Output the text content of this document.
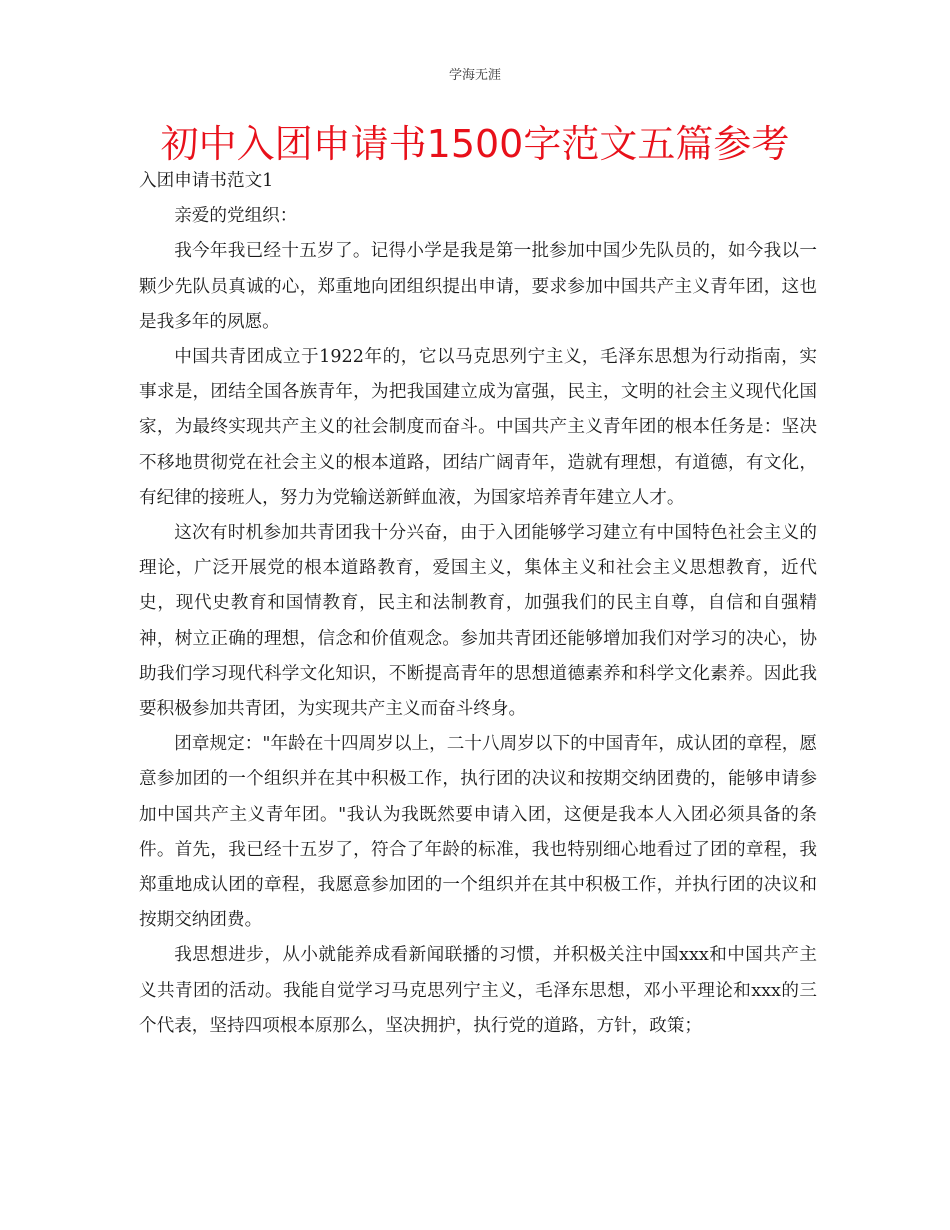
学海无涯
初中入团申请书1500字范文五篇参考

入团申请书范文1

亲爱的党组织：

我今年我已经十五岁了。记得小学是我是第一批参加中国少先队员的，如今我以一颗少先队员真诚的心，郑重地向团组织提出申请，要求参加中国共产主义青年团，这也是我多年的夙愿。

中国共青团成立于1922年的，它以马克思列宁主义，毛泽东思想为行动指南，实事求是，团结全国各族青年，为把我国建立成为富强，民主，文明的社会主义现代化国家，为最终实现共产主义的社会制度而奋斗。中国共产主义青年团的根本任务是：坚决不移地贯彻党在社会主义的根本道路，团结广阔青年，造就有理想，有道德，有文化，有纪律的接班人，努力为党输送新鲜血液，为国家培养青年建立人才。

这次有时机参加共青团我十分兴奋，由于入团能够学习建立有中国特色社会主义的理论，广泛开展党的根本道路教育，爱国主义，集体主义和社会主义思想教育，近代史，现代史教育和国情教育，民主和法制教育，加强我们的民主自尊，自信和自强精神，树立正确的理想，信念和价值观念。参加共青团还能够增加我们对学习的决心，协助我们学习现代科学文化知识，不断提高青年的思想道德素养和科学文化素养。因此我要积极参加共青团，为实现共产主义而奋斗终身。

团章规定："年龄在十四周岁以上，二十八周岁以下的中国青年，成认团的章程，愿意参加团的一个组织并在其中积极工作，执行团的决议和按期交纳团费的，能够申请参加中国共产主义青年团。"我认为我既然要申请入团，这便是我本人入团必须具备的条件。首先，我已经十五岁了，符合了年龄的标准，我也特别细心地看过了团的章程，我郑重地成认团的章程，我愿意参加团的一个组织并在其中积极工作，并执行团的决议和按期交纳团费。

我思想进步，从小就能养成看新闻联播的习惯，并积极关注中国xxx和中国共产主义共青团的活动。我能自觉学习马克思列宁主义，毛泽东思想，邓小平理论和xxx的三个代表，坚持四项根本原那么，坚决拥护，执行党的道路，方针，政策；
